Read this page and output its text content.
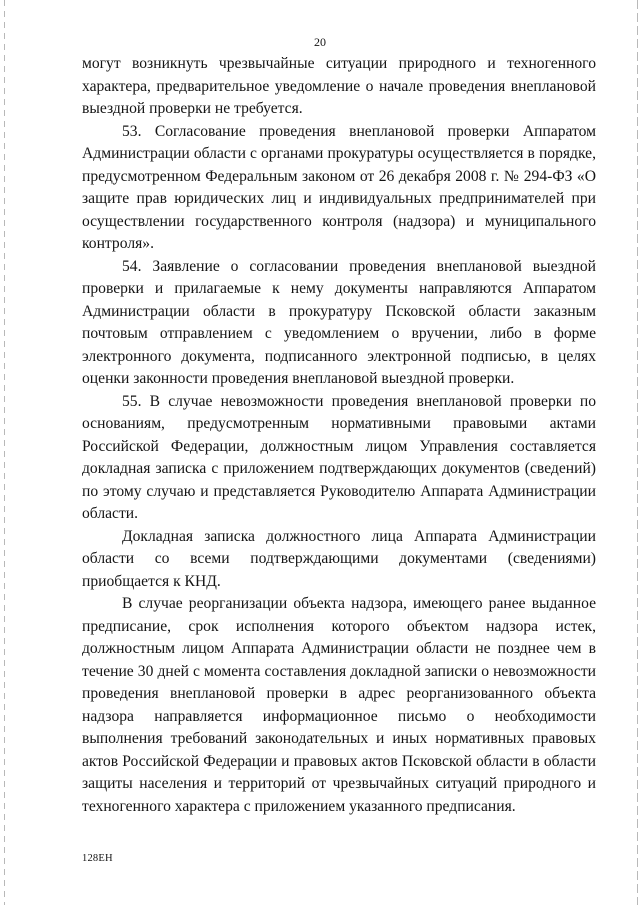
20

могут возникнуть чрезвычайные ситуации природного и техногенного характера, предварительное уведомление о начале проведения внеплановой выездной проверки не требуется.

53. Согласование проведения внеплановой проверки Аппаратом Администрации области с органами прокуратуры осуществляется в порядке, предусмотренном Федеральным законом от 26 декабря 2008 г. № 294-ФЗ «О защите прав юридических лиц и индивидуальных предпринимателей при осуществлении государственного контроля (надзора) и муниципального контроля».

54. Заявление о согласовании проведения внеплановой выездной проверки и прилагаемые к нему документы направляются Аппаратом Администрации области в прокуратуру Псковской области заказным почтовым отправлением с уведомлением о вручении, либо в форме электронного документа, подписанного электронной подписью, в целях оценки законности проведения внеплановой выездной проверки.

55. В случае невозможности проведения внеплановой проверки по основаниям, предусмотренным нормативными правовыми актами Российской Федерации, должностным лицом Управления составляется докладная записка с приложением подтверждающих документов (сведений) по этому случаю и представляется Руководителю Аппарата Администрации области.

Докладная записка должностного лица Аппарата Администрации области со всеми подтверждающими документами (сведениями) приобщается к КНД.

В случае реорганизации объекта надзора, имеющего ранее выданное предписание, срок исполнения которого объектом надзора истек, должностным лицом Аппарата Администрации области не позднее чем в течение 30 дней с момента составления докладной записки о невозможности проведения внеплановой проверки в адрес реорганизованного объекта надзора направляется информационное письмо о необходимости выполнения требований законодательных и иных нормативных правовых актов Российской Федерации и правовых актов Псковской области в области защиты населения и территорий от чрезвычайных ситуаций природного и техногенного характера с приложением указанного предписания.

128ЕН
